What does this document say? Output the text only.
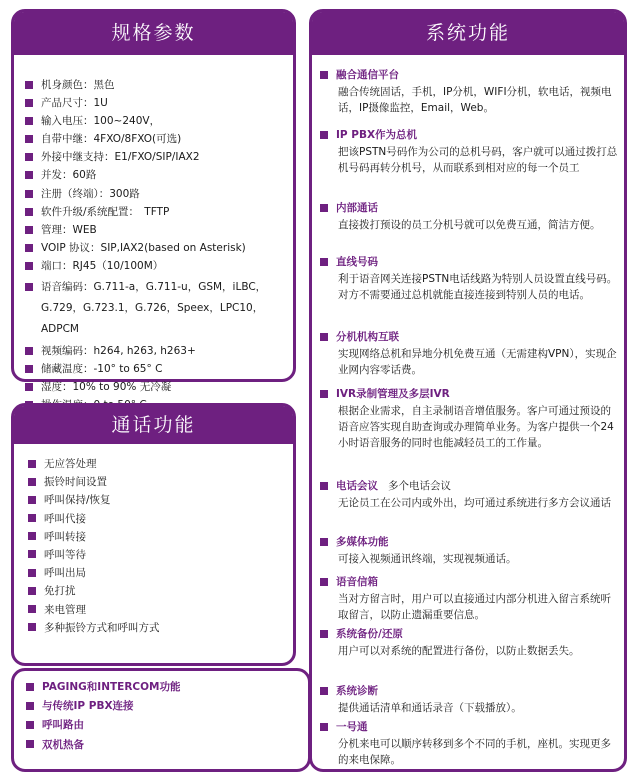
规格参数
机身颜色：黑色
产品尺寸：1U
输入电压：100~240V，
自带中继：4FXO/8FXO(可选)
外接中继支持：E1/FXO/SIP/IAX2
并发：60路
注册（终端）：300路
软件升级/系统配置：　TFTP
管理：WEB
VOIP 协议：SIP,IAX2(based on Asterisk)
端口：RJ45（10/100M）
语音编码：G.711-a，G.711-u，GSM，iLBC，G.729，G.723.1，G.726，Speex，LPC10，ADPCM
视频编码：h264, h263, h263+
储藏温度：-10° to 65° C
湿度：10% to 90% 无冷凝
通话功能
无应答处理
振铃时间设置
呼叫保持/恢复
呼叫代接
呼叫转接
呼叫等待
呼叫出局
免打扰
来电管理
多种振铃方式和呼叫方式
PAGING和INTERCOM功能
与传统IP PBX连接
呼叫路由
双机热备
系统功能
融合通信平台
融合传统固话，手机，IP分机，WIFI分机，软电话，视频电话，IP摄像监控，Email，Web。
IP PBX作为总机
把该PSTN号码作为公司的总机号码，客户就可以通过拨打总机号码再转分机号，从而联系到相对应的每一个员工
内部通话
直接拨打预设的员工分机号就可以免费互通，简洁方便。
直线号码
利于语音网关连接PSTN电话线路为特别人员设置直线号码。对方不需要通过总机就能直接连接到特别人员的电话。
分机机构互联
实现网络总机和异地分机免费互通（无需建构VPN），实现企业网内容零话费。
IVR录制管理及多层IVR
根据企业需求，自主录制语音增值服务。客户可通过预设的语音应答实现自助查询或办理简单业务。为客户提供一个24小时语音服务的同时也能减轻员工的工作量。
电话会议 多个电话会议
无论员工在公司内或外出，均可通过系统进行多方会议通话
多媒体功能
可接入视频通讯终端，实现视频通话。
语音信箱
当对方留言时，用户可以直接通过内部分机进入留言系统听取留言，以防止遗漏重要信息。
系统备份/还原
用户可以对系统的配置进行备份，以防止数据丢失。
系统诊断
提供通话清单和通话录音（下载播放）。
一号通
分机来电可以顺序转移到多个不同的手机，座机。实现更多的来电保障。
